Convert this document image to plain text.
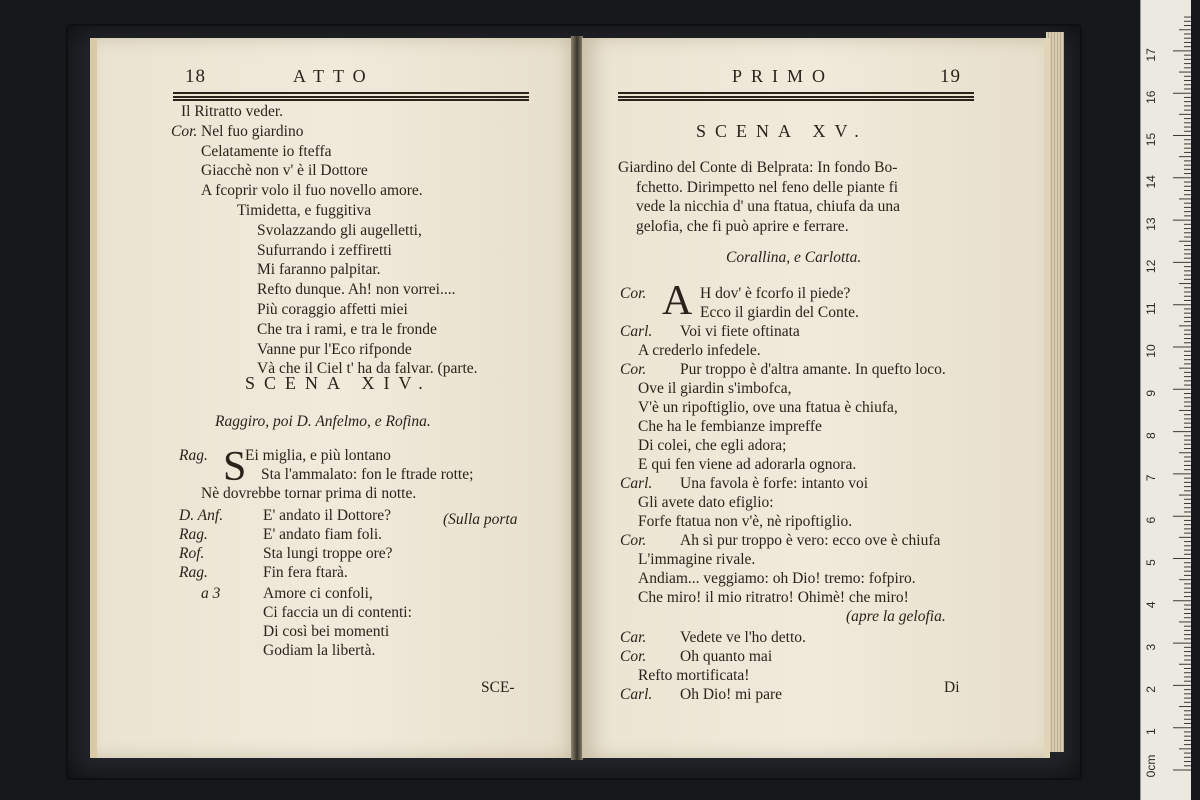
18	ATTO
Il Ritratto veder.
Cor. Nel fuo giardino
Celatamente io fteffa
Giacchè non v' è il Dottore
A fcoprir volo il fuo novello amore.
Timidetta, e fuggitiva
Svolazzando gli augelletti,
Sufurrando i zeffiretti
Mi faranno palpitar.
Refto dunque. Ah! non vorrei....
Più coraggio affetti miei
Che tra i rami, e tra le fronde
Vanne pur l'Eco rifponde
Và che il Ciel t' ha da falvar. (parte.
SCENA XIV.
Raggiro, poi D. Anfelmo, e Rofina.
S
Rag. Ei miglia, e più lontano
Sta l'ammalato: fon le ftrade rotte;
Nè dovrebbe tornar prima di notte.
D. Anf.	E' andato il Dottore?
Rag.	E' andato fiam foli.
Rof.	Sta lungi troppe ore?
Rag.	Fin fera ftarà.
a 3	Amore ci confoli,
Ci faccia un di contenti:
Di così bei momenti
Godiam la libertà.
(Sulla porta
SCE-
PRIMO	19
SCENA XV.
Giardino del Conte di Belprata: In fondo Bo-
fchetto. Dirimpetto nel feno delle piante fi
vede la nicchia d' una ftatua, chiufa da una
gelofia, che fi può aprire e ferrare.
Corallina, e Carlotta.
A
Cor.	H dov' è fcorfo il piede?
Ecco il giardin del Conte.
Carl. Voi vi fiete oftinata
A crederlo infedele.
Cor. Pur troppo è d'altra amante. In quefto loco.
Ove il giardin s'imbofca,
V'è un ripoftiglio, ove una ftatua è chiufa,
Che ha le fembianze impreffe
Di colei, che egli adora;
E qui fen viene ad adorarla ognora.
Carl. Una favola è forfe: intanto voi
Gli avete dato efiglio:
Forfe ftatua non v'è, nè ripoftiglio.
Cor. Ah sì pur troppo è vero: ecco ove è chiufa
L'immagine rivale.
Andiam... veggiamo: oh Dio! tremo: fofpiro.
Che miro! il mio ritratro! Ohimè! che miro!
(apre la gelofia.
Car. Vedete ve l'ho detto.
Cor. Oh quanto mai
Refto mortificata!
Carl. Oh Dio! mi pare	Di
0cm
1
2
3
4
5
6
7
8
9
10
11
12
13
14
15
16
17
